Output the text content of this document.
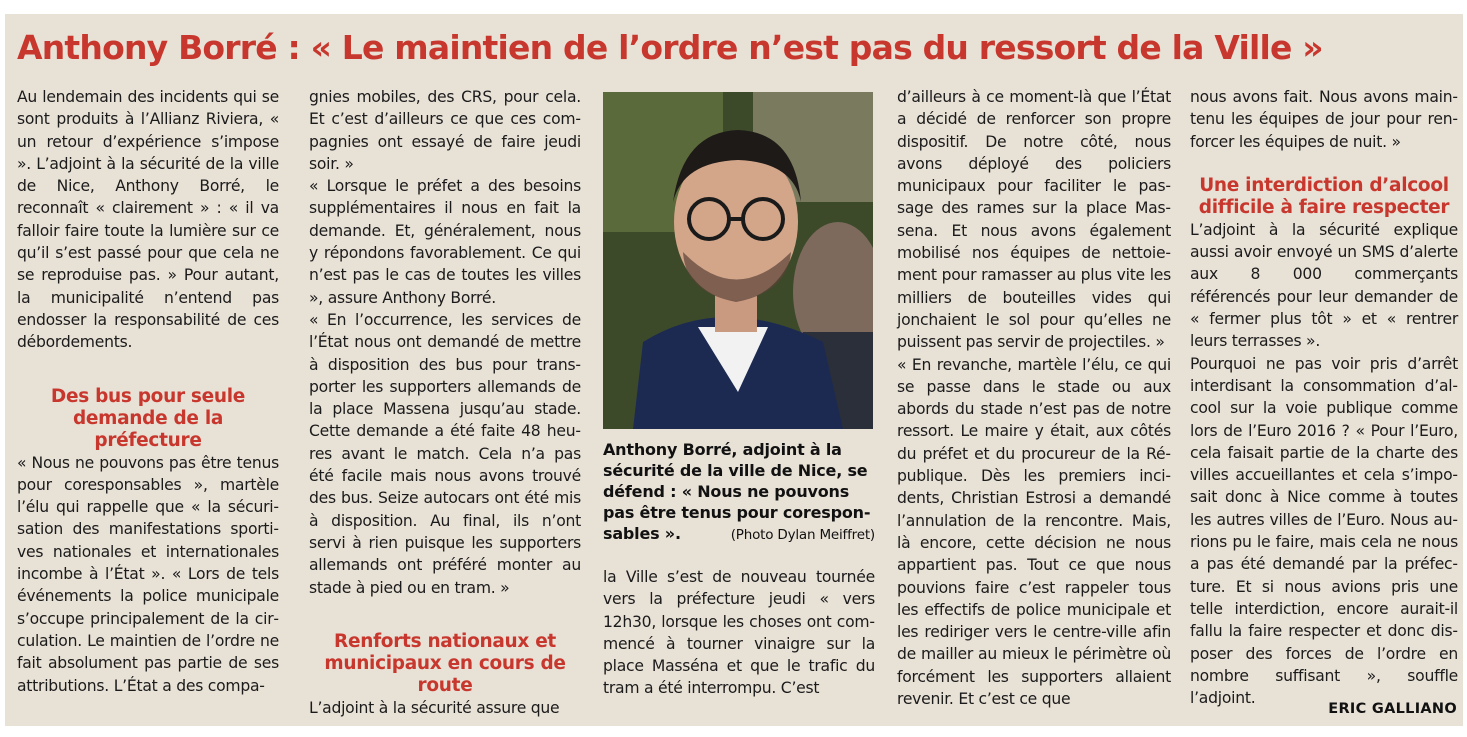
Anthony Borré : « Le maintien de l’ordre n’est pas du ressort de la Ville »

Au lendemain des incidents qui se sont produits à l’Allianz Riviera, « un retour d’expérience s’impose ». L’adjoint à la sécurité de la ville de Nice, Anthony Borré, le reconnaît « clairement » : « il va falloir faire toute la lumière sur ce qu’il s’est passé pour que cela ne se reproduise pas. » Pour autant, la municipalité n’entend pas endosser la responsabilité de ces débordements.

Des bus pour seule demande de la préfecture

« Nous ne pouvons pas être tenus pour coresponsables », martèle l’élu qui rappelle que « la sécurisation des manifestations sportives nationales et internationales incombe à l’État ». « Lors de tels événements la police municipale s’occupe principalement de la circulation. Le maintien de l’ordre ne fait absolument pas partie de ses attributions. L’État a des compa-

gnies mobiles, des CRS, pour cela. Et c’est d’ailleurs ce que ces compagnies ont essayé de faire jeudi soir. »

« Lorsque le préfet a des besoins supplémentaires il nous en fait la demande. Et, généralement, nous y répondons favorablement. Ce qui n’est pas le cas de toutes les villes », assure Anthony Borré.

« En l’occurrence, les services de l’État nous ont demandé de mettre à disposition des bus pour transporter les supporters allemands de la place Massena jusqu’au stade. Cette demande a été faite 48 heures avant le match. Cela n’a pas été facile mais nous avons trouvé des bus. Seize autocars ont été mis à disposition. Au final, ils n’ont servi à rien puisque les supporters allemands ont préféré monter au stade à pied ou en tram. »

Renforts nationaux et municipaux en cours de route

L’adjoint à la sécurité assure que

Anthony Borré, adjoint à la sécurité de la ville de Nice, se défend : « Nous ne pouvons pas être tenus pour coresponsables ».	(Photo Dylan Meiffret)

la Ville s’est de nouveau tournée vers la préfecture jeudi « vers 12h30, lorsque les choses ont commencé à tourner vinaigre sur la place Masséna et que le trafic du tram a été interrompu. C’est

d’ailleurs à ce moment-là que l’État a décidé de renforcer son propre dispositif. De notre côté, nous avons déployé des policiers municipaux pour faciliter le passage des rames sur la place Massena. Et nous avons également mobilisé nos équipes de nettoiement pour ramasser au plus vite les milliers de bouteilles vides qui jonchaient le sol pour qu’elles ne puissent pas servir de projectiles. »

« En revanche, martèle l’élu, ce qui se passe dans le stade ou aux abords du stade n’est pas de notre ressort. Le maire y était, aux côtés du préfet et du procureur de la République. Dès les premiers incidents, Christian Estrosi a demandé l’annulation de la rencontre. Mais, là encore, cette décision ne nous appartient pas. Tout ce que nous pouvions faire c’est rappeler tous les effectifs de police municipale et les rediriger vers le centre-ville afin de mailler au mieux le périmètre où forcément les supporters allaient revenir. Et c’est ce que

nous avons fait. Nous avons maintenu les équipes de jour pour renforcer les équipes de nuit. »

Une interdiction d’alcool difficile à faire respecter

L’adjoint à la sécurité explique aussi avoir envoyé un SMS d’alerte aux 8 000 commerçants référencés pour leur demander de « fermer plus tôt » et « rentrer leurs terrasses ».

Pourquoi ne pas voir pris d’arrêt interdisant la consommation d’alcool sur la voie publique comme lors de l’Euro 2016 ? « Pour l’Euro, cela faisait partie de la charte des villes accueillantes et cela s’imposait donc à Nice comme à toutes les autres villes de l’Euro. Nous aurions pu le faire, mais cela ne nous a pas été demandé par la préfecture. Et si nous avions pris une telle interdiction, encore aurait-il fallu la faire respecter et donc disposer des forces de l’ordre en nombre suffisant », souffle l’adjoint.

ERIC GALLIANO
